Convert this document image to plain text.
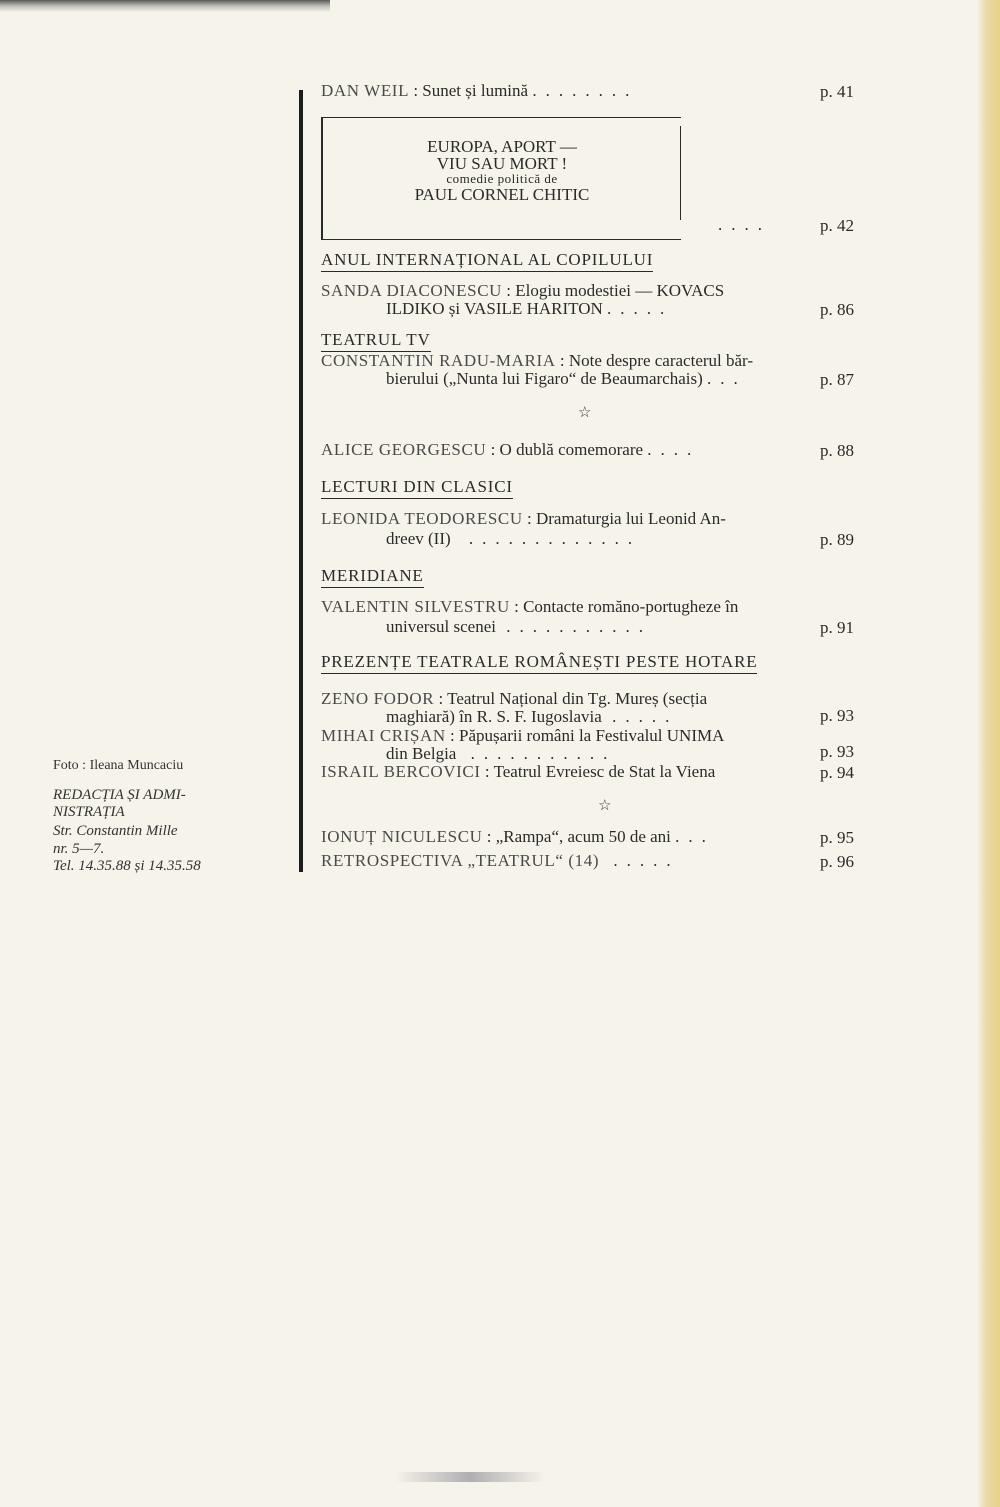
DAN WEIL : Sunet și lumină ........	p. 41
EUROPA, APORT —
VIU SAU MORT !
comedie politică de
PAUL CORNEL CHITIC
....	p. 42
ANUL INTERNAȚIONAL AL COPILULUI
SANDA DIACONESCU : Elogiu modestiei — KOVACS
ILDIKO și VASILE HARITON .....	p. 86
TEATRUL TV
CONSTANTIN RADU-MARIA : Note despre caracterul băr-
bierului („Nunta lui Figaro“ de Beaumarchais) ...	p. 87
☆
ALICE GEORGESCU : O dublă comemorare ....	p. 88
LECTURI DIN CLASICI
LEONIDA TEODORESCU : Dramaturgia lui Leonid An-
dreev (II) .............	p. 89
MERIDIANE
VALENTIN SILVESTRU : Contacte romăno-portugheze în
universul scenei ...........	p. 91
PREZENȚE TEATRALE ROMÂNEȘTI PESTE HOTARE
ZENO FODOR : Teatrul Național din Tg. Mureș (secția
maghiară) în R. S. F. Iugoslavia .....	p. 93
MIHAI CRIȘAN : Păpușarii români la Festivalul UNIMA
din Belgia ...........	p. 93
ISRAIL BERCOVICI : Teatrul Evreiesc de Stat la Viena	p. 94
☆
IONUȚ NICULESCU : „Rampa“, acum 50 de ani ...	p. 95
RETROSPECTIVA „TEATRUL“ (14) .....	p. 96
Foto : Ileana Muncaciu
REDACȚIA ȘI ADMI-
NISTRAȚIA
Str. Constantin Mille
nr. 5—7.
Tel. 14.35.88 și 14.35.58
